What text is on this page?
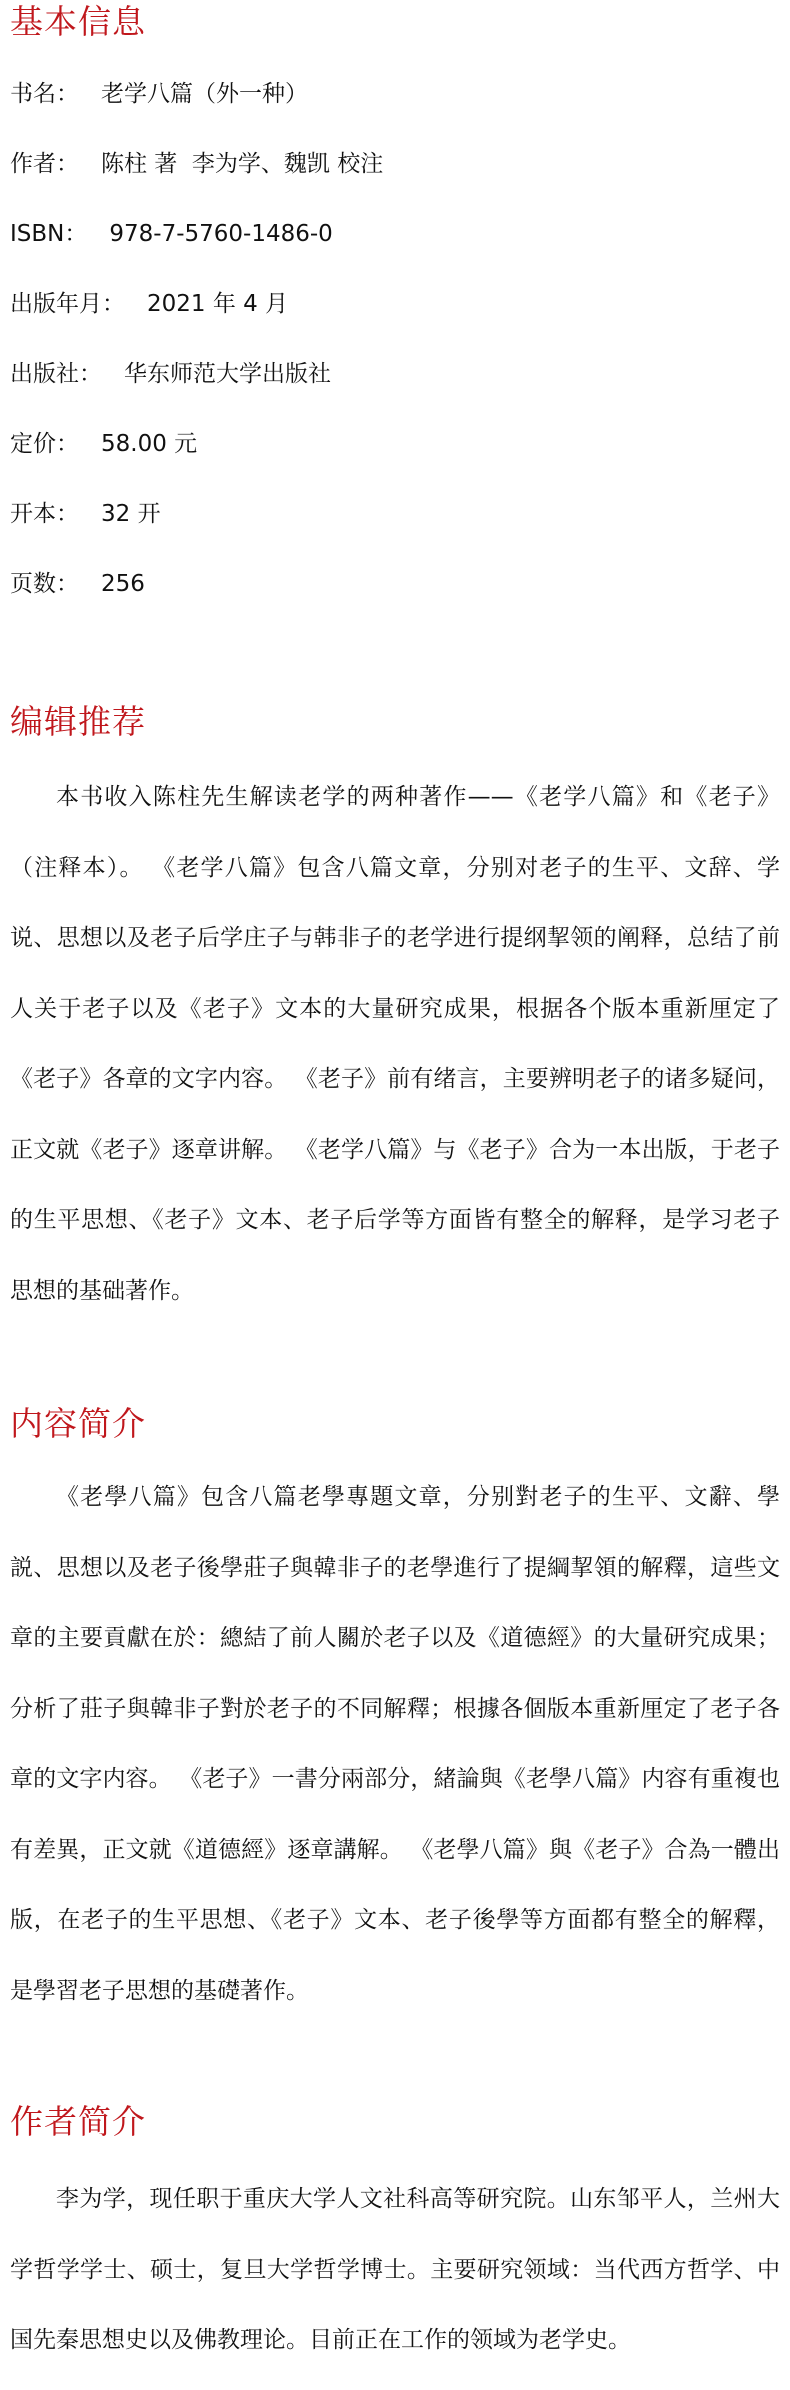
基本信息
书名： 老学八篇（外一种）
作者： 陈柱 著  李为学、魏凯 校注
ISBN： 978-7-5760-1486-0
出版年月： 2021 年 4 月
出版社： 华东师范大学出版社
定价： 58.00 元
开本： 32 开
页数： 256
编辑推荐

本书收入陈柱先生解读老学的两种著作——《老学八篇》和《老子》（注释本）。 《老学八篇》包含八篇文章，分别对老子的生平、文辞、学说、思想以及老子后学庄子与韩非子的老学进行提纲挈领的阐释，总结了前人关于老子以及《老子》文本的大量研究成果，根据各个版本重新厘定了《老子》各章的文字内容。 《老子》前有绪言，主要辨明老子的诸多疑问，正文就《老子》逐章讲解。 《老学八篇》与《老子》合为一本出版，于老子的生平思想、《老子》文本、老子后学等方面皆有整全的解释，是学习老子思想的基础著作。

内容简介

《老學八篇》包含八篇老學專題文章，分别對老子的生平、文辭、學説、思想以及老子後學莊子與韓非子的老學進行了提綱挈領的解釋，這些文章的主要貢獻在於：總結了前人關於老子以及《道德經》的大量研究成果；分析了莊子與韓非子對於老子的不同解釋；根據各個版本重新厘定了老子各章的文字内容。 《老子》一書分兩部分，緒論與《老學八篇》内容有重複也有差異，正文就《道德經》逐章講解。 《老學八篇》與《老子》合為一體出版，在老子的生平思想、《老子》文本、老子後學等方面都有整全的解釋，是學習老子思想的基礎著作。

作者简介

李为学，现任职于重庆大学人文社科高等研究院。山东邹平人，兰州大学哲学学士、硕士，复旦大学哲学博士。主要研究领域：当代西方哲学、中国先秦思想史以及佛教理论。目前正在工作的领域为老学史。
